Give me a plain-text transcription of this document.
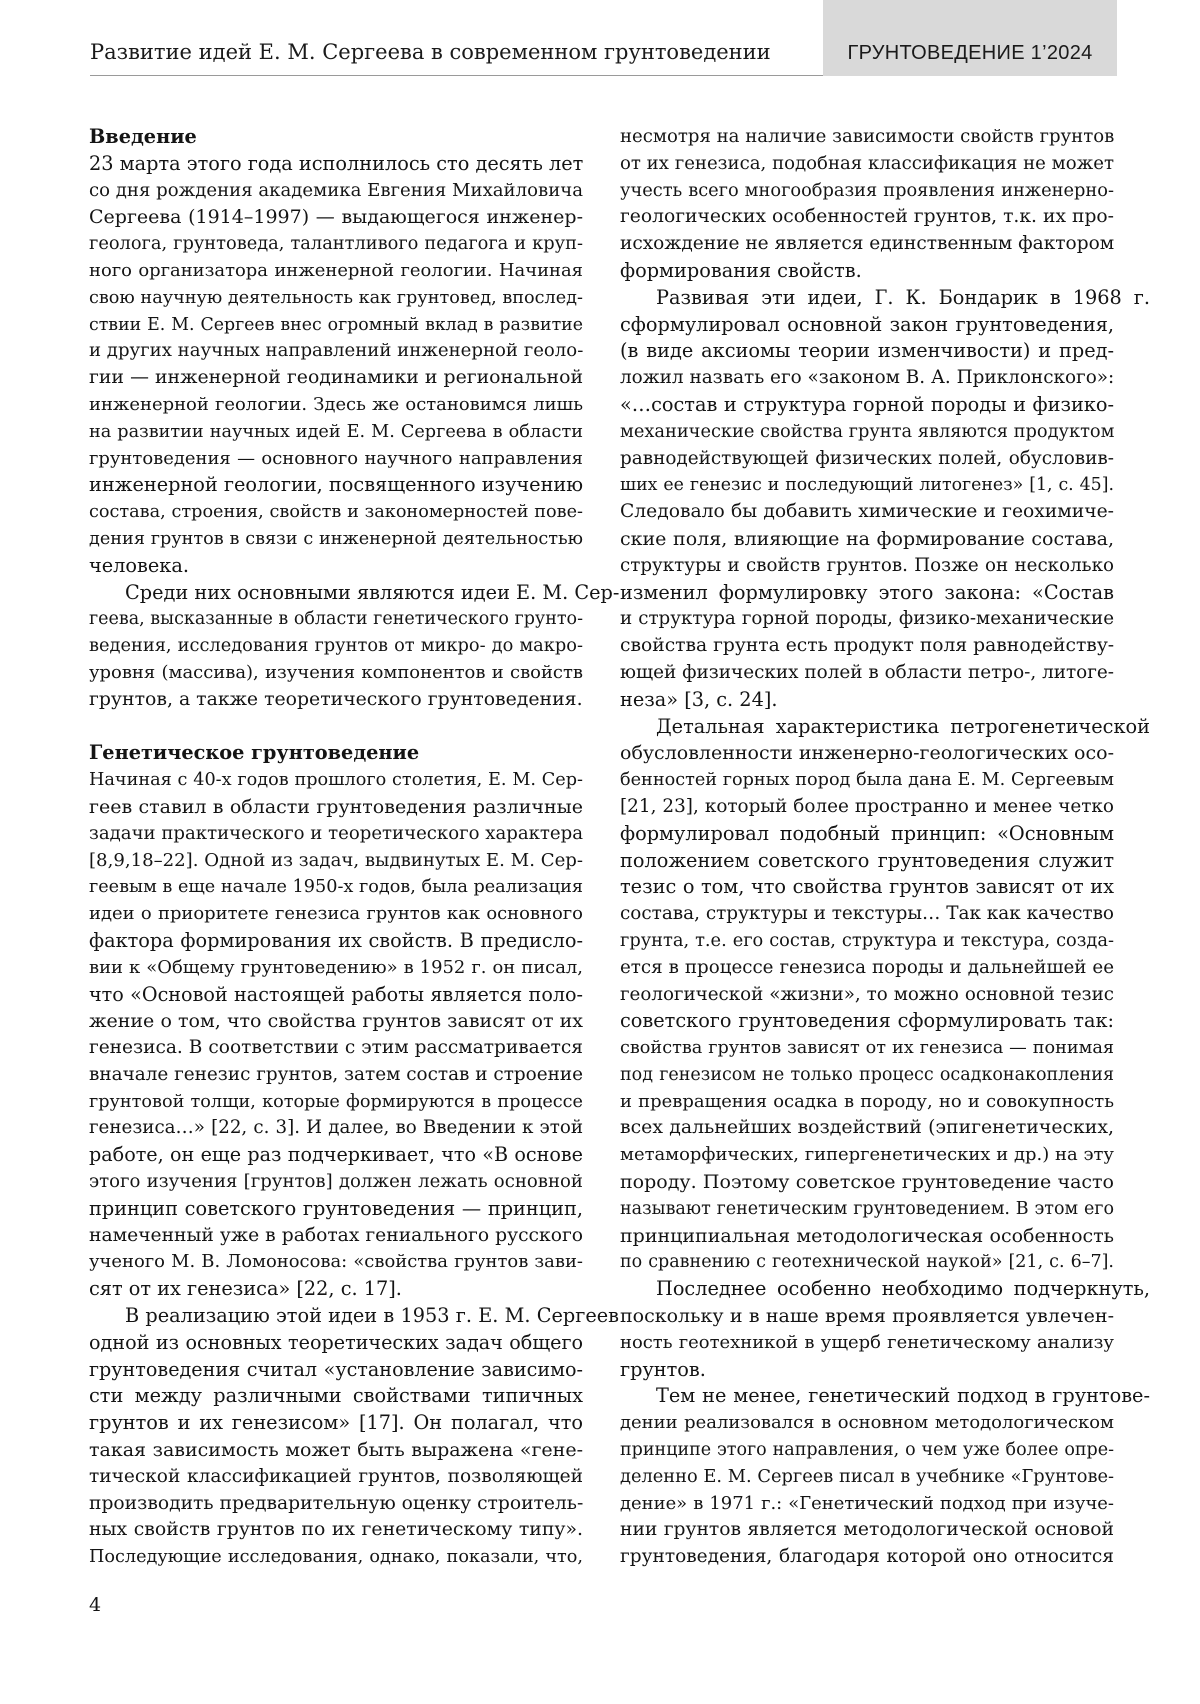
Развитие идей Е. М. Сергеева в современном грунтоведении	ГРУНТОВЕДЕНИЕ 1’2024
Введение
23 марта этого года исполнилось сто десять лет
со дня рождения академика Евгения Михайловича
Сергеева (1914–1997) — выдающегося инженер-
геолога, грунтоведа, талантливого педагога и круп-
ного организатора инженерной геологии. Начиная
свою научную деятельность как грунтовед, впослед-
ствии Е. М. Сергеев внес огромный вклад в развитие
и других научных направлений инженерной геоло-
гии — инженерной геодинамики и региональной
инженерной геологии. Здесь же остановимся лишь
на развитии научных идей Е. М. Сергеева в области
грунтоведения — основного научного направления
инженерной геологии, посвященного изучению
состава, строения, свойств и закономерностей пове-
дения грунтов в связи с инженерной деятельностью
человека.
Среди них основными являются идеи Е. М. Сер-
геева, высказанные в области генетического грунто-
ведения, исследования грунтов от микро- до макро-
уровня (массива), изучения компонентов и свойств
грунтов, а также теоретического грунтоведения.
Генетическое грунтоведение
Начиная с 40-х годов прошлого столетия, Е. М. Сер-
геев ставил в области грунтоведения различные
задачи практического и теоретического характера
[8,9,18–22]. Одной из задач, выдвинутых Е. М. Сер-
геевым в еще начале 1950-х годов, была реализация
идеи о приоритете генезиса грунтов как основного
фактора формирования их свойств. В предисло-
вии к «Общему грунтоведению» в 1952 г. он писал,
что «Основой настоящей работы является поло-
жение о том, что свойства грунтов зависят от их
генезиса. В соответствии с этим рассматривается
вначале генезис грунтов, затем состав и строение
грунтовой толщи, которые формируются в процессе
генезиса…» [22, с. 3]. И далее, во Введении к этой
работе, он еще раз подчеркивает, что «В основе
этого изучения [грунтов] должен лежать основной
принцип советского грунтоведения — принцип,
намеченный уже в работах гениального русского
ученого М. В. Ломоносова: «свойства грунтов зави-
сят от их генезиса» [22, с. 17].
В реализацию этой идеи в 1953 г. Е. М. Сергеев
одной из основных теоретических задач общего
грунтоведения считал «установление зависимо-
сти между различными свойствами типичных
грунтов и их генезисом» [17]. Он полагал, что
такая зависимость может быть выражена «гене-
тической классификацией грунтов, позволяющей
производить предварительную оценку строитель-
ных свойств грунтов по их генетическому типу».
Последующие исследования, однако, показали, что,
несмотря на наличие зависимости свойств грунтов
от их генезиса, подобная классификация не может
учесть всего многообразия проявления инженерно-
геологических особенностей грунтов, т.к. их про-
исхождение не является единственным фактором
формирования свойств.
Развивая эти идеи, Г. К. Бондарик в 1968 г.
сформулировал основной закон грунтоведения,
(в виде аксиомы теории изменчивости) и пред-
ложил назвать его «законом В. А. Приклонского»:
«…состав и структура горной породы и физико-
механические свойства грунта являются продуктом
равнодействующей физических полей, обусловив-
ших ее генезис и последующий литогенез» [1, с. 45].
Следовало бы добавить химические и геохимиче-
ские поля, влияющие на формирование состава,
структуры и свойств грунтов. Позже он несколько
изменил формулировку этого закона: «Состав
и структура горной породы, физико-механические
свойства грунта есть продукт поля равнодейству-
ющей физических полей в области петро-, литоге-
неза» [3, с. 24].
Детальная характеристика петрогенетической
обусловленности инженерно-геологических осо-
бенностей горных пород была дана Е. М. Сергеевым
[21, 23], который более пространно и менее четко
формулировал подобный принцип: «Основным
положением советского грунтоведения служит
тезис о том, что свойства грунтов зависят от их
состава, структуры и текстуры… Так как качество
грунта, т.е. его состав, структура и текстура, созда-
ется в процессе генезиса породы и дальнейшей ее
геологической «жизни», то можно основной тезис
советского грунтоведения сформулировать так:
свойства грунтов зависят от их генезиса — понимая
под генезисом не только процесс осадконакопления
и превращения осадка в породу, но и совокупность
всех дальнейших воздействий (эпигенетических,
метаморфических, гипергенетических и др.) на эту
породу. Поэтому советское грунтоведение часто
называют генетическим грунтоведением. В этом его
принципиальная методологическая особенность
по сравнению с геотехнической наукой» [21, с. 6–7].
Последнее особенно необходимо подчеркнуть,
поскольку и в наше время проявляется увлечен-
ность геотехникой в ущерб генетическому анализу
грунтов.
Тем не менее, генетический подход в грунтове-
дении реализовался в основном методологическом
принципе этого направления, о чем уже более опре-
деленно Е. М. Сергеев писал в учебнике «Грунтове-
дение» в 1971 г.: «Генетический подход при изуче-
нии грунтов является методологической основой
грунтоведения, благодаря которой оно относится
4
